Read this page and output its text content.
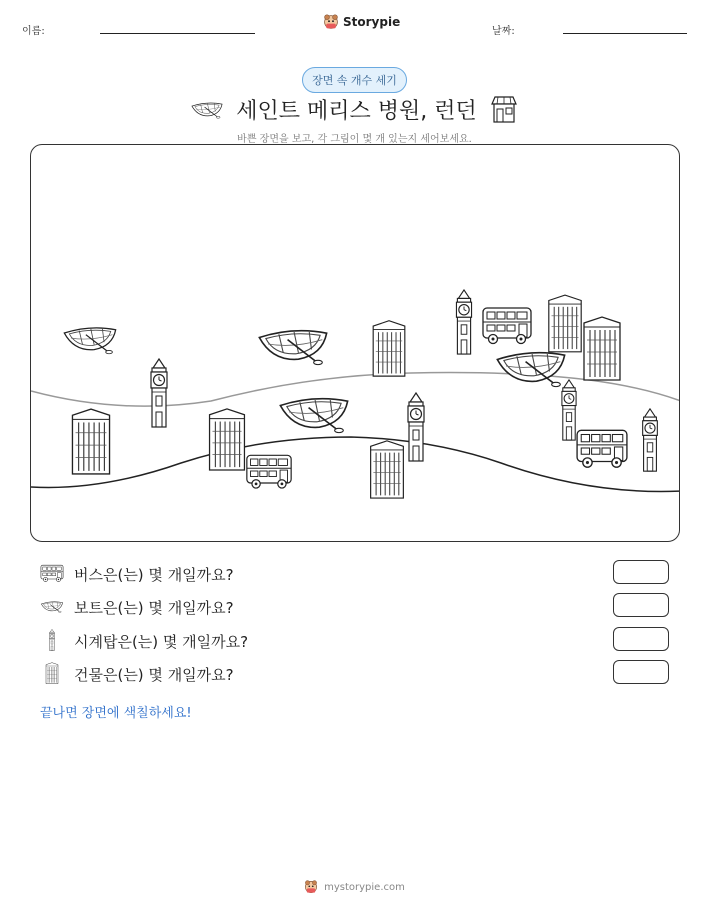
이름:
Storypie
날짜:
장면 속 개수 세기
세인트 메리스 병원, 런던
바쁜 장면을 보고, 각 그림이 몇 개 있는지 세어보세요.
버스은(는) 몇 개일까요?
보트은(는) 몇 개일까요?
시계탑은(는) 몇 개일까요?
건물은(는) 몇 개일까요?
끝나면 장면에 색칠하세요!
mystorypie.com
